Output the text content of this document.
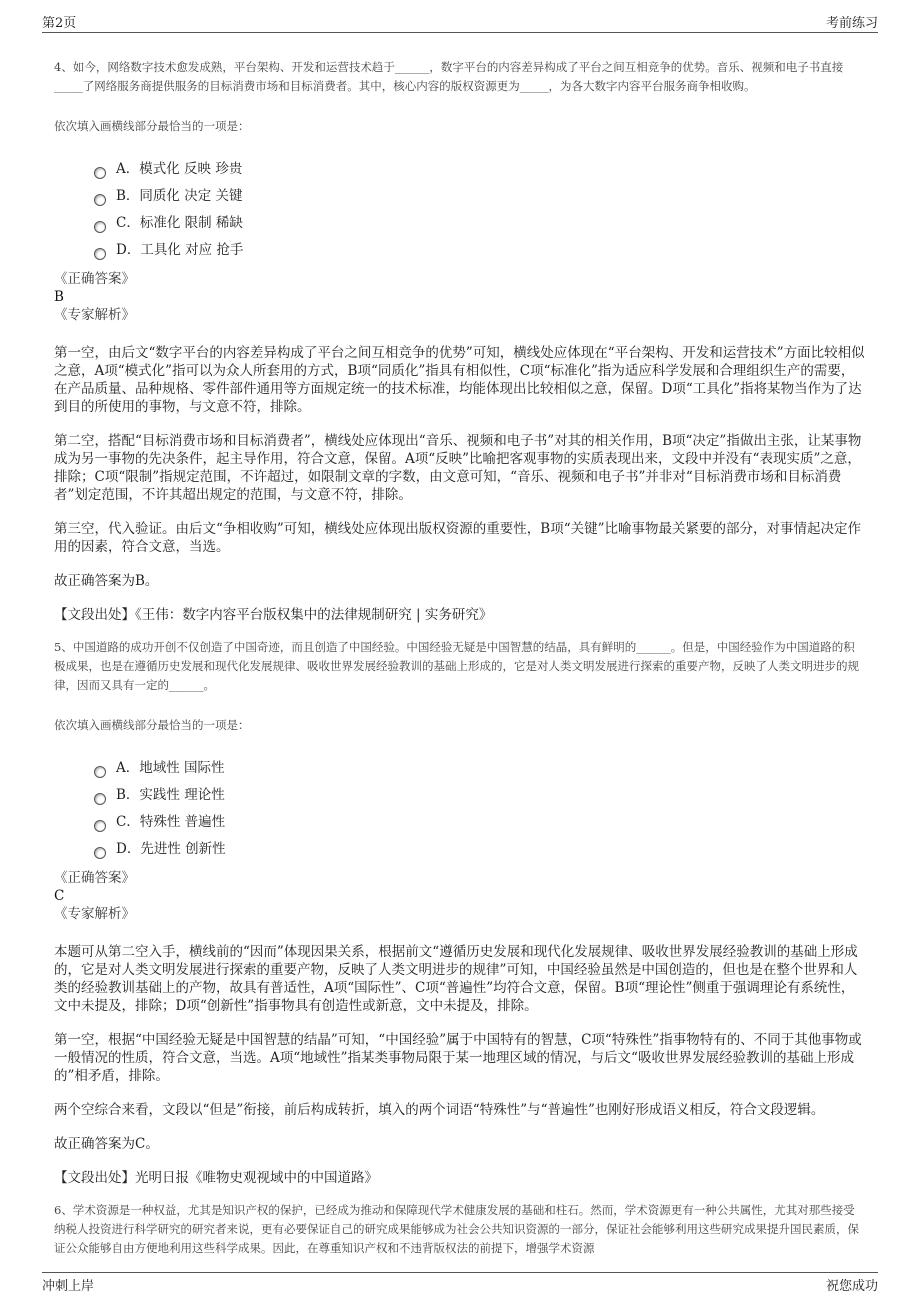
第2页	考前练习

4、如今，网络数字技术愈发成熟，平台架构、开发和运营技术趋于______，数字平台的内容差异构成了平台之间互相竞争的优势。音乐、视频和电子书直接_____了网络服务商提供服务的目标消费市场和目标消费者。其中，核心内容的版权资源更为_____，为各大数字内容平台服务商争相收购。

依次填入画横线部分最恰当的一项是：

A．模式化 反映 珍贵
B．同质化 决定 关键
C．标准化 限制 稀缺
D．工具化 对应 抢手
《正确答案》
B
《专家解析》

第一空，由后文“数字平台的内容差异构成了平台之间互相竞争的优势”可知，横线处应体现在“平台架构、开发和运营技术”方面比较相似之意，A项“模式化”指可以为众人所套用的方式，B项“同质化”指具有相似性，C项“标准化”指为适应科学发展和合理组织生产的需要，在产品质量、品种规格、零件部件通用等方面规定统一的技术标准，均能体现出比较相似之意，保留。D项“工具化”指将某物当作为了达到目的所使用的事物，与文意不符，排除。

第二空，搭配“目标消费市场和目标消费者”，横线处应体现出“音乐、视频和电子书”对其的相关作用，B项“决定”指做出主张，让某事物成为另一事物的先决条件，起主导作用，符合文意，保留。A项“反映”比喻把客观事物的实质表现出来，文段中并没有“表现实质”之意，排除；C项“限制”指规定范围，不许超过，如限制文章的字数，由文意可知，“音乐、视频和电子书”并非对“目标消费市场和目标消费者”划定范围，不许其超出规定的范围，与文意不符，排除。

第三空，代入验证。由后文“争相收购”可知，横线处应体现出版权资源的重要性，B项“关键”比喻事物最关紧要的部分，对事情起决定作用的因素，符合文意，当选。

故正确答案为B。

【文段出处】《王伟：数字内容平台版权集中的法律规制研究 | 实务研究》

5、中国道路的成功开创不仅创造了中国奇迹，而且创造了中国经验。中国经验无疑是中国智慧的结晶，具有鲜明的______。但是，中国经验作为中国道路的积极成果，也是在遵循历史发展和现代化发展规律、吸收世界发展经验教训的基础上形成的，它是对人类文明发展进行探索的重要产物，反映了人类文明进步的规律，因而又具有一定的______。

依次填入画横线部分最恰当的一项是：

A．地域性 国际性
B．实践性 理论性
C．特殊性 普遍性
D．先进性 创新性
《正确答案》
C
《专家解析》

本题可从第二空入手，横线前的“因而”体现因果关系，根据前文“遵循历史发展和现代化发展规律、吸收世界发展经验教训的基础上形成的，它是对人类文明发展进行探索的重要产物，反映了人类文明进步的规律”可知，中国经验虽然是中国创造的，但也是在整个世界和人类的经验教训基础上的产物，故具有普适性，A项“国际性”、C项“普遍性”均符合文意，保留。B项“理论性”侧重于强调理论有系统性，文中未提及，排除；D项“创新性”指事物具有创造性或新意，文中未提及，排除。

第一空，根据“中国经验无疑是中国智慧的结晶”可知，“中国经验”属于中国特有的智慧，C项“特殊性”指事物特有的、不同于其他事物或一般情况的性质，符合文意，当选。A项“地域性”指某类事物局限于某一地理区域的情况，与后文“吸收世界发展经验教训的基础上形成的”相矛盾，排除。

两个空综合来看，文段以“但是”衔接，前后构成转折，填入的两个词语“特殊性”与“普遍性”也刚好形成语义相反，符合文段逻辑。

故正确答案为C。

【文段出处】光明日报《唯物史观视域中的中国道路》

6、学术资源是一种权益，尤其是知识产权的保护，已经成为推动和保障现代学术健康发展的基础和柱石。然而，学术资源更有一种公共属性，尤其对那些接受纳税人投资进行科学研究的研究者来说，更有必要保证自己的研究成果能够成为社会公共知识资源的一部分，保证社会能够利用这些研究成果提升国民素质，保证公众能够自由方便地利用这些科学成果。因此，在尊重知识产权和不违背版权法的前提下，增强学术资源

冲刺上岸	祝您成功
